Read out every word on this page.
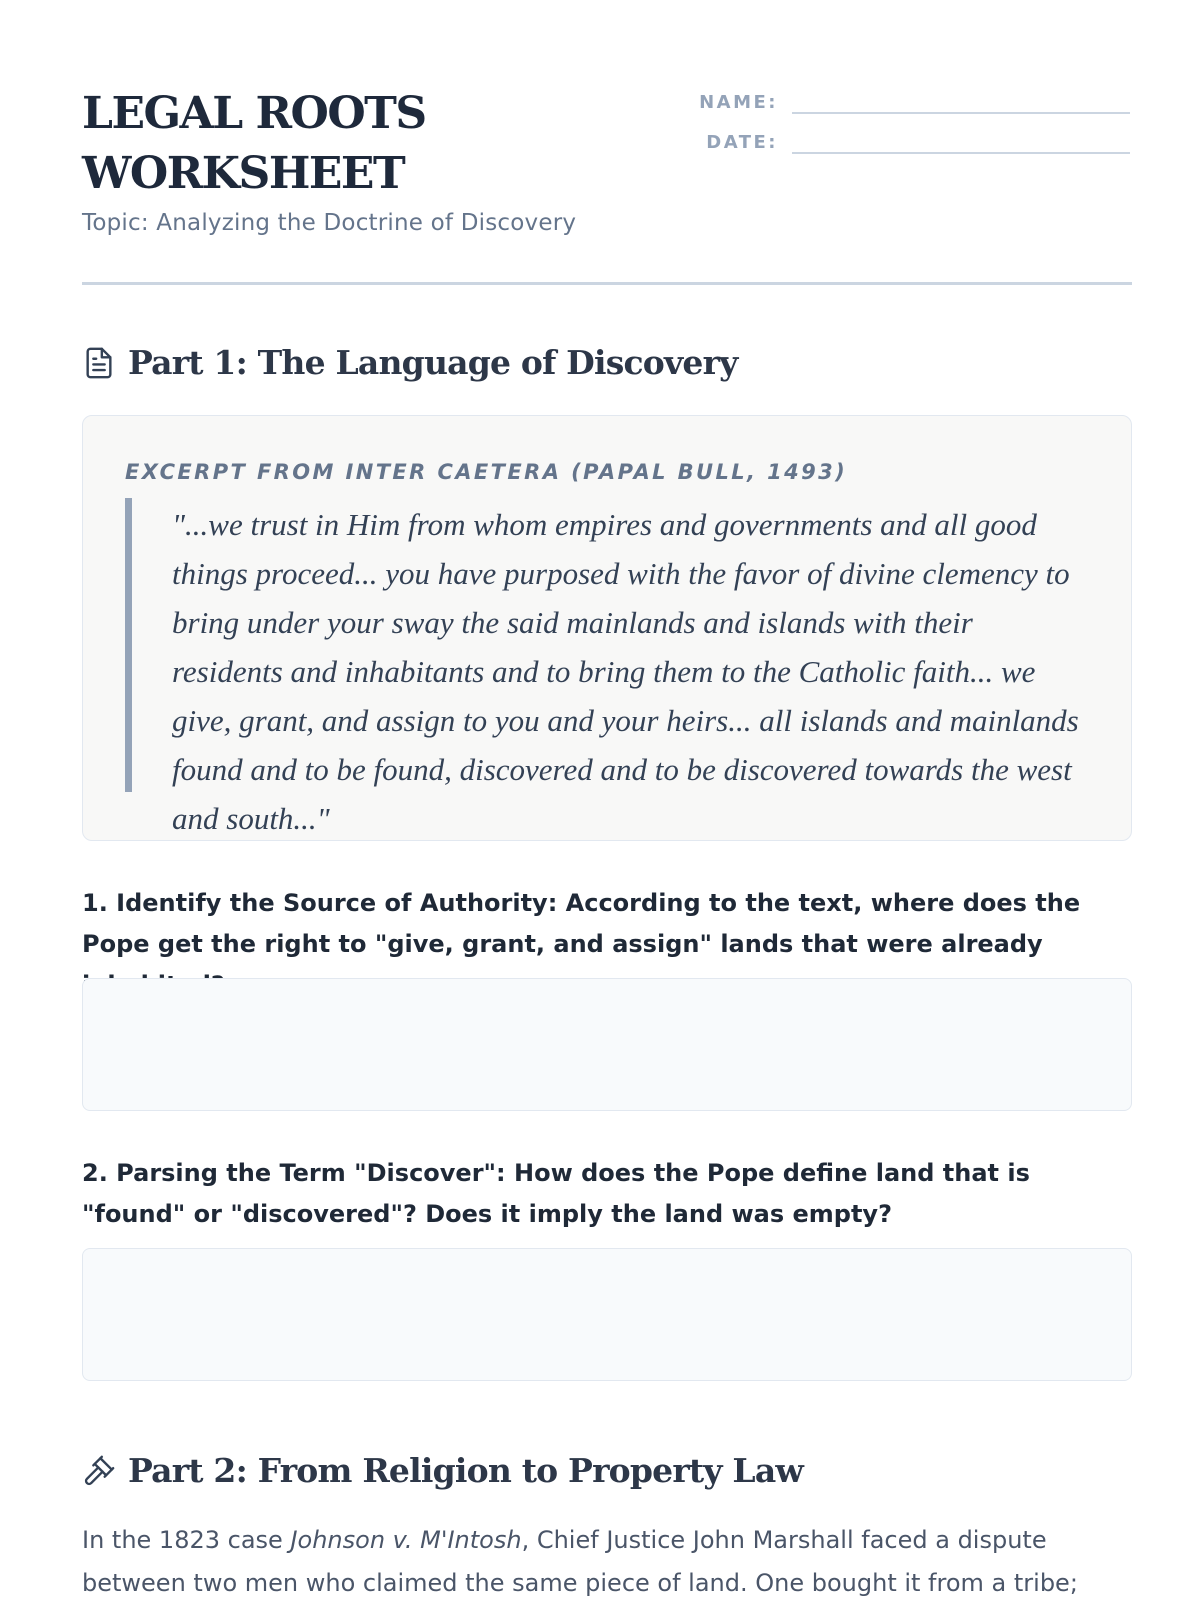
LEGAL ROOTS WORKSHEET
Topic: Analyzing the Doctrine of Discovery
NAME:
DATE:
Part 1: The Language of Discovery
EXCERPT FROM INTER CAETERA (PAPAL BULL, 1493)
"...we trust in Him from whom empires and governments and all good things proceed... you have purposed with the favor of divine clemency to bring under your sway the said mainlands and islands with their residents and inhabitants and to bring them to the Catholic faith... we give, grant, and assign to you and your heirs... all islands and mainlands found and to be found, discovered and to be discovered towards the west and south..."
1. Identify the Source of Authority: According to the text, where does the Pope get the right to "give, grant, and assign" lands that were already
2. Parsing the Term "Discover": How does the Pope define land that is "found" or "discovered"? Does it imply the land was empty?
Part 2: From Religion to Property Law
In the 1823 case Johnson v. M'Intosh, Chief Justice John Marshall faced a dispute between two men who claimed the same piece of land. One bought it from a tribe;
